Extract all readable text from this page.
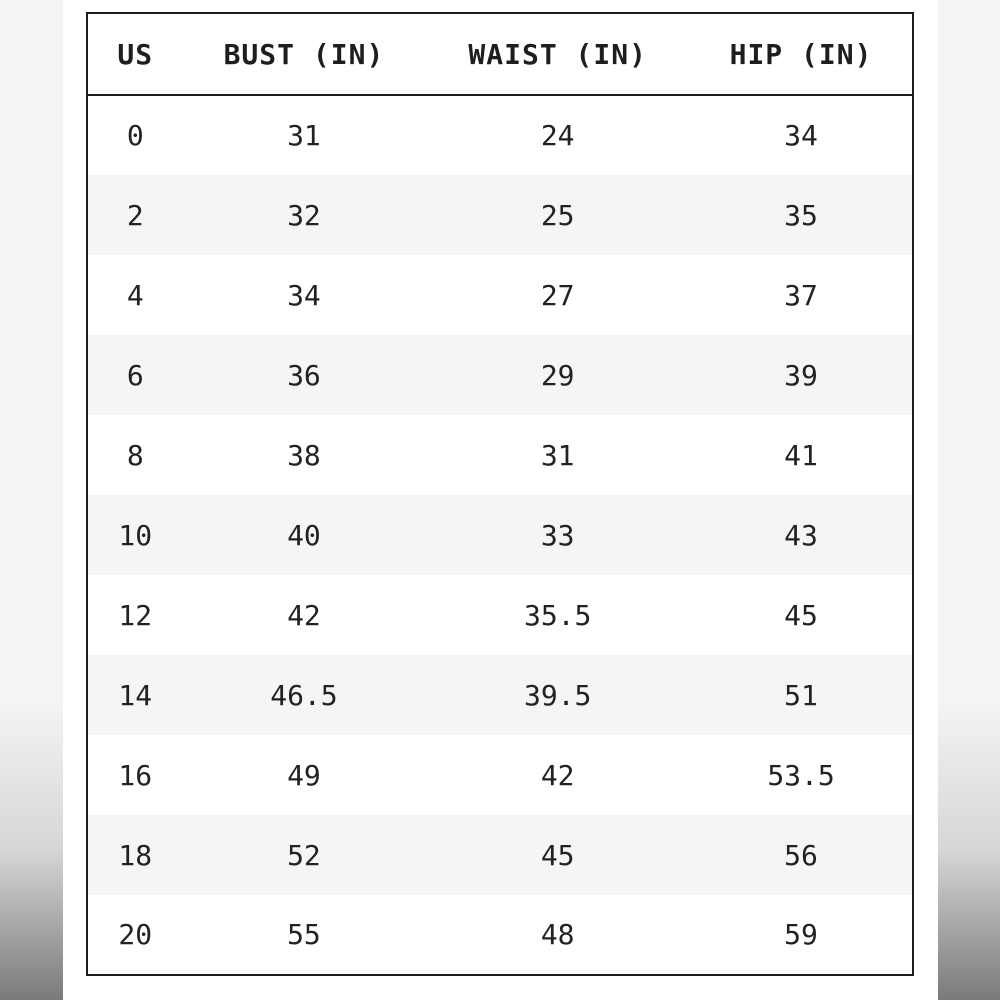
US	BUST (IN)	WAIST (IN)	HIP (IN)
0	31	24	34
2	32	25	35
4	34	27	37
6	36	29	39
8	38	31	41
10	40	33	43
12	42	35.5	45
14	46.5	39.5	51
16	49	42	53.5
18	52	45	56
20	55	48	59
